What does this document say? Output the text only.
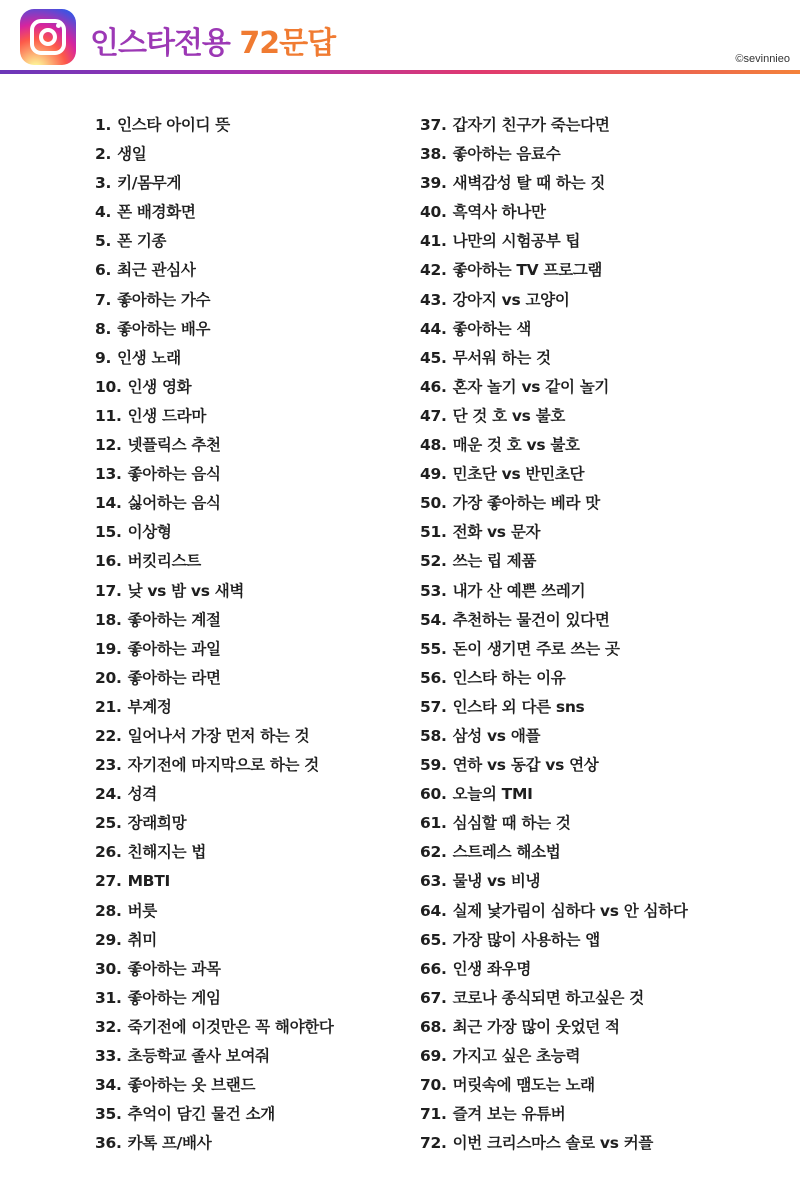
인스타전용 72문답	©sevinnieo
1. 인스타 아이디 뜻
2. 생일
3. 키/몸무게
4. 폰 배경화면
5. 폰 기종
6. 최근 관심사
7. 좋아하는 가수
8. 좋아하는 배우
9. 인생 노래
10. 인생 영화
11. 인생 드라마
12. 넷플릭스 추천
13. 좋아하는 음식
14. 싫어하는 음식
15. 이상형
16. 버킷리스트
17. 낮 vs 밤 vs 새벽
18. 좋아하는 계절
19. 좋아하는 과일
20. 좋아하는 라면
21. 부계정
22. 일어나서 가장 먼저 하는 것
23. 자기전에 마지막으로 하는 것
24. 성격
25. 장래희망
26. 친해지는 법
27. MBTI
28. 버릇
29. 취미
30. 좋아하는 과목
31. 좋아하는 게임
32. 죽기전에 이것만은 꼭 해야한다
33. 초등학교 졸사 보여줘
34. 좋아하는 옷 브랜드
35. 추억이 담긴 물건 소개
36. 카톡 프/배사
37. 갑자기 친구가 죽는다면
38. 좋아하는 음료수
39. 새벽감성 탈 때 하는 짓
40. 흑역사 하나만
41. 나만의 시험공부 팁
42. 좋아하는 TV 프로그램
43. 강아지 vs 고양이
44. 좋아하는 색
45. 무서워 하는 것
46. 혼자 놀기 vs 같이 놀기
47. 단 것 호 vs 불호
48. 매운 것 호 vs 불호
49. 민초단 vs 반민초단
50. 가장 좋아하는 베라 맛
51. 전화 vs 문자
52. 쓰는 립 제품
53. 내가 산 예쁜 쓰레기
54. 추천하는 물건이 있다면
55. 돈이 생기면 주로 쓰는 곳
56. 인스타 하는 이유
57. 인스타 외 다른 sns
58. 삼성 vs 애플
59. 연하 vs 동갑 vs 연상
60. 오늘의 TMI
61. 심심할 때 하는 것
62. 스트레스 해소법
63. 물냉 vs 비냉
64. 실제 낯가림이 심하다 vs 안 심하다
65. 가장 많이 사용하는 앱
66. 인생 좌우명
67. 코로나 종식되면 하고싶은 것
68. 최근 가장 많이 웃었던 적
69. 가지고 싶은 초능력
70. 머릿속에 맴도는 노래
71. 즐겨 보는 유튜버
72. 이번 크리스마스 솔로 vs 커플
